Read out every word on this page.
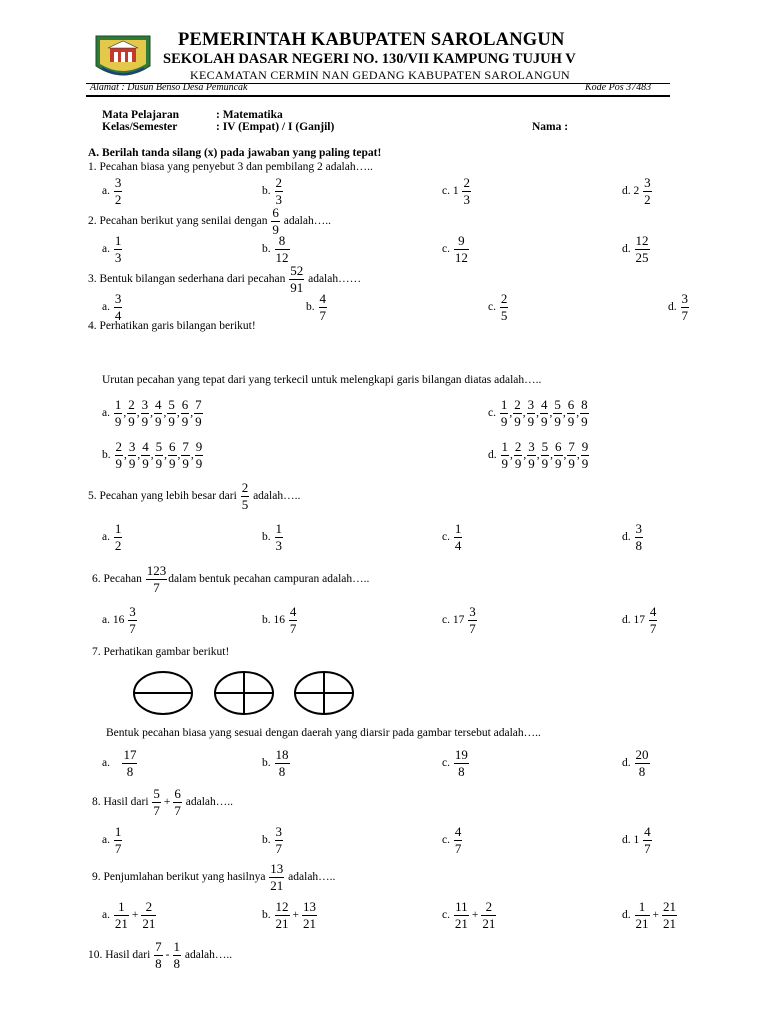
PEMERINTAH KABUPATEN SAROLANGUN
SEKOLAH DASAR NEGERI NO. 130/VII KAMPUNG TUJUH V
KECAMATAN CERMIN NAN GEDANG KABUPATEN SAROLANGUN
Alamat : Dusun Benso Desa Pemuncak	Kode Pos 37483
Mata Pelajaran	: Matematika
Kelas/Semester	: IV (Empat) / I (Ganjil)	Nama :
A. Berilah tanda silang (x) pada jawaban yang paling tepat!
1. Pecahan biasa yang penyebut 3 dan pembilang 2 adalah…..
a. $\frac{3}{2}$	b. $\frac{2}{3}$	c. $1 \frac{2}{3}$	d. $2 \frac{3}{2}$
2. Pecahan berikut yang senilai dengan $\frac{6}{9}$ adalah…..
a. $\frac{1}{3}$	b. $\frac{8}{12}$	c. $\frac{9}{12}$	d. $\frac{12}{25}$
3. Bentuk bilangan sederhana dari pecahan $\frac{52}{91}$ adalah……
a. $\frac{3}{4}$	b. $\frac{4}{7}$	c. $\frac{2}{5}$	d. $\frac{3}{7}$
4. Perhatikan garis bilangan berikut!
Urutan pecahan yang tepat dari yang terkecil untuk melengkapi garis bilangan diatas adalah…..
a. $\frac{1}{9}$ , $\frac{2}{9}$ , $\frac{3}{9}$ , $\frac{4}{9}$ , $\frac{5}{9}$ , $\frac{6}{9}$ , $\frac{7}{9}$
b. $\frac{2}{9}$ , $\frac{3}{9}$ , $\frac{4}{9}$ , $\frac{5}{9}$ , $\frac{6}{9}$ , $\frac{7}{9}$ , $\frac{9}{9}$
c. $\frac{1}{9}$ , $\frac{2}{9}$ , $\frac{3}{9}$ , $\frac{4}{9}$ , $\frac{5}{9}$ , $\frac{6}{9}$ , $\frac{8}{9}$
d. $\frac{1}{9}$ , $\frac{2}{9}$ , $\frac{3}{9}$ , $\frac{5}{9}$ , $\frac{6}{9}$ , $\frac{7}{9}$ , $\frac{9}{9}$
5. Pecahan yang lebih besar dari $\frac{2}{5}$ adalah…..
a. $\frac{1}{2}$	b. $\frac{1}{3}$	c. $\frac{1}{4}$	d. $\frac{3}{8}$
6. Pecahan $\frac{123}{7}$ dalam bentuk pecahan campuran adalah…..
a. $16 \frac{3}{7}$	b. $16 \frac{4}{7}$	c. $17 \frac{3}{7}$	d. $17 \frac{4}{7}$
7. Perhatikan gambar berikut!
Bentuk pecahan biasa yang sesuai dengan daerah yang diarsir pada gambar tersebut adalah…..
a. $\frac{17}{8}$	b. $\frac{18}{8}$	c. $\frac{19}{8}$	d. $\frac{20}{8}$
8. Hasil dari $\frac{5}{7} + \frac{6}{7}$ adalah…..
a. $\frac{1}{7}$	b. $\frac{3}{7}$	c. $\frac{4}{7}$	d. $1 \frac{4}{7}$
9. Penjumlahan berikut yang hasilnya $\frac{13}{21}$ adalah…..
a. $\frac{1}{21} + \frac{2}{21}$	b. $\frac{12}{21} + \frac{13}{21}$	c. $\frac{11}{21} + \frac{2}{21}$	d. $\frac{1}{21} + \frac{21}{21}$
10. Hasil dari $\frac{7}{8} - \frac{1}{8}$ adalah…..
